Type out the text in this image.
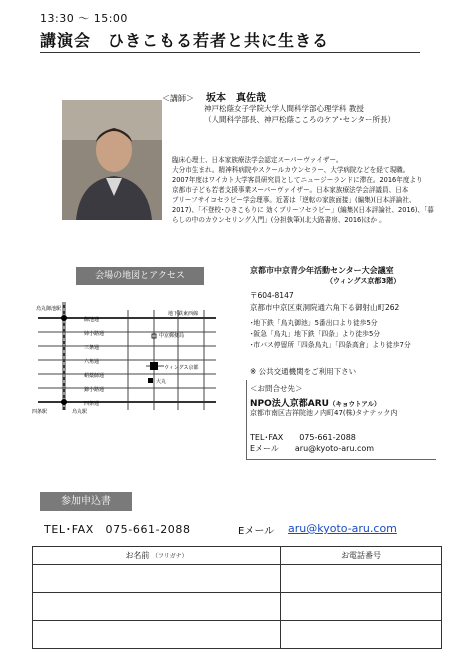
13:30 〜 15:00
講演会　ひきこもる若者と共に生きる
＜講師＞ 坂本　真佐哉
神戸松蔭女子学院大学人間科学部心理学科 教授
（人間科学部長、神戸松蔭こころのケア･センター所長）
臨床心理士、日本家族療法学会認定スーパーヴァイザー。
大分市生まれ。精神科病院やスクールカウンセラー、大学病院などを経て現職。
2007年度はワイカト大学客員研究員としてニュージーランドに滞在。2016年度より
京都市子ども若者支援事業スーパーヴァイザー。日本家族療法学会評議員、日本
ブリーフサイコセラピー学会理事。近著は「逆転の家族面接」(編集)(日本評論社、
2017)、「不登校･ひきこもりに 効くブリーフセラピー」(編集)(日本評論社、2016)、「暮
らしの中のカウンセリング入門」(分担執筆)(北大路書房、2016)ほか 。
会場の地図とアクセス
烏丸御池駅
四条駅	烏丸駅
御池通
姉小路通
三条通
六角通
蛸薬師通
錦小路通
四条通
地下鉄東西線
中京郵便局
ウィングス京都
大丸
京都市中京青少年活動センター大会議室
（ウィングス京都3階）
〒604-8147
京都市中京区東洞院通六角下る御射山町262
･地下鉄「烏丸御池」5番出口より徒歩5分
･阪急「烏丸」地下鉄「四条」より徒歩5分
･市バス停留所「四条烏丸」「四条高倉」より徒歩7分
※ 公共交通機関をご利用下さい
＜お問合せ先＞
NPO法人京都ARU（キョウトアル）
京都市南区吉祥院池ノ内町47(株)タナテック内
TEL･FAX　　 075-661-2088
Eメール　　 aru@kyoto-aru.com
参加申込書
TEL･FAX　075-661-2088	Eメール aru@kyoto-aru.com
お名前 （フリガナ）	お電話番号
